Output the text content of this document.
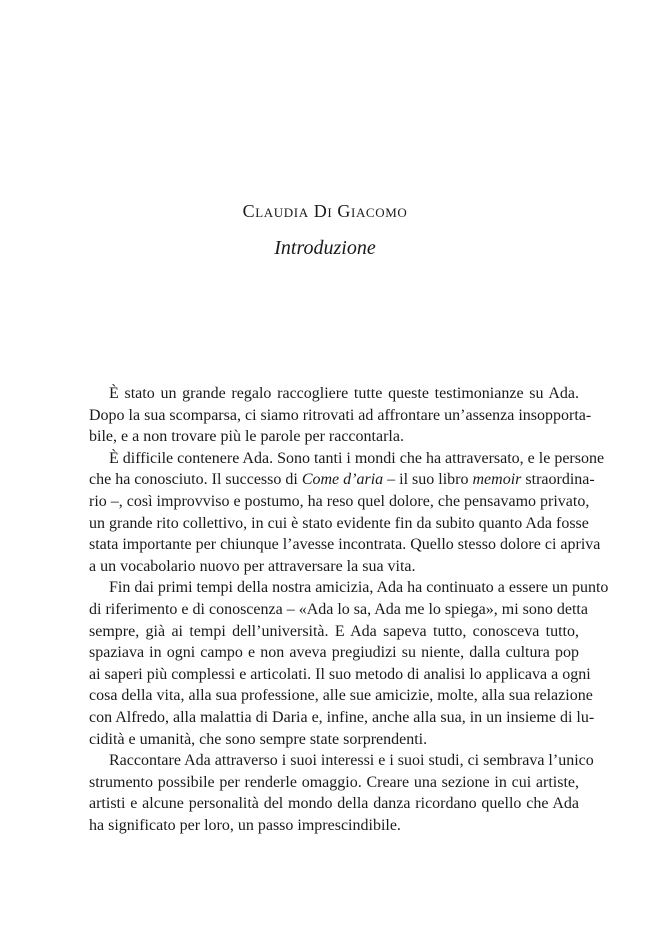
Claudia Di Giacomo
Introduzione

È stato un grande regalo raccogliere tutte queste testimonianze su Ada.
Dopo la sua scomparsa, ci siamo ritrovati ad affrontare un’assenza insopporta-
bile, e a non trovare più le parole per raccontarla.

È difficile contenere Ada. Sono tanti i mondi che ha attraversato, e le persone
che ha conosciuto. Il successo di Come d’aria – il suo libro memoir straordina-
rio –, così improvviso e postumo, ha reso quel dolore, che pensavamo privato,
un grande rito collettivo, in cui è stato evidente fin da subito quanto Ada fosse
stata importante per chiunque l’avesse incontrata. Quello stesso dolore ci apriva
a un vocabolario nuovo per attraversare la sua vita.

Fin dai primi tempi della nostra amicizia, Ada ha continuato a essere un punto
di riferimento e di conoscenza – «Ada lo sa, Ada me lo spiega», mi sono detta
sempre, già ai tempi dell’università. E Ada sapeva tutto, conosceva tutto,
spaziava in ogni campo e non aveva pregiudizi su niente, dalla cultura pop
ai saperi più complessi e articolati. Il suo metodo di analisi lo applicava a ogni
cosa della vita, alla sua professione, alle sue amicizie, molte, alla sua relazione
con Alfredo, alla malattia di Daria e, infine, anche alla sua, in un insieme di lu-
cidità e umanità, che sono sempre state sorprendenti.

Raccontare Ada attraverso i suoi interessi e i suoi studi, ci sembrava l’unico
strumento possibile per renderle omaggio. Creare una sezione in cui artiste,
artisti e alcune personalità del mondo della danza ricordano quello che Ada
ha significato per loro, un passo imprescindibile.
